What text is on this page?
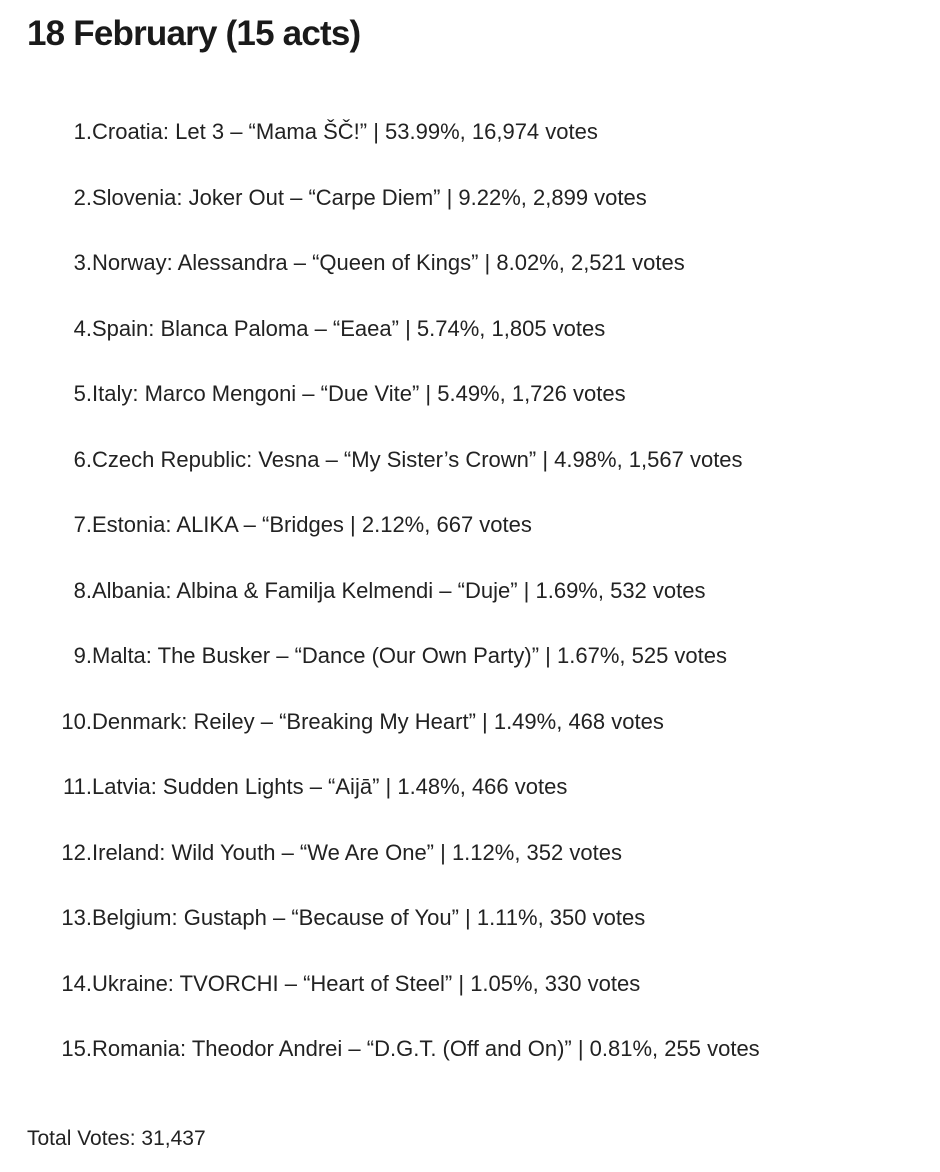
18 February (15 acts)
1. Croatia: Let 3 – “Mama ŠČ!” | 53.99%, 16,974 votes
2. Slovenia: Joker Out – “Carpe Diem” | 9.22%, 2,899 votes
3. Norway: Alessandra – “Queen of Kings” | 8.02%, 2,521 votes
4. Spain: Blanca Paloma – “Eaea” | 5.74%, 1,805 votes
5. Italy: Marco Mengoni – “Due Vite” | 5.49%, 1,726 votes
6. Czech Republic: Vesna – “My Sister’s Crown” | 4.98%, 1,567 votes
7. Estonia: ALIKA – “Bridges | 2.12%, 667 votes
8. Albania: Albina & Familja Kelmendi – “Duje” | 1.69%, 532 votes
9. Malta: The Busker – “Dance (Our Own Party)” | 1.67%, 525 votes
10. Denmark: Reiley – “Breaking My Heart” | 1.49%, 468 votes
11. Latvia: Sudden Lights – “Aijā” | 1.48%, 466 votes
12. Ireland: Wild Youth – “We Are One” | 1.12%, 352 votes
13. Belgium: Gustaph – “Because of You” | 1.11%, 350 votes
14. Ukraine: TVORCHI – “Heart of Steel” | 1.05%, 330 votes
15. Romania: Theodor Andrei – “D.G.T. (Off and On)” | 0.81%, 255 votes

Total Votes: 31,437
